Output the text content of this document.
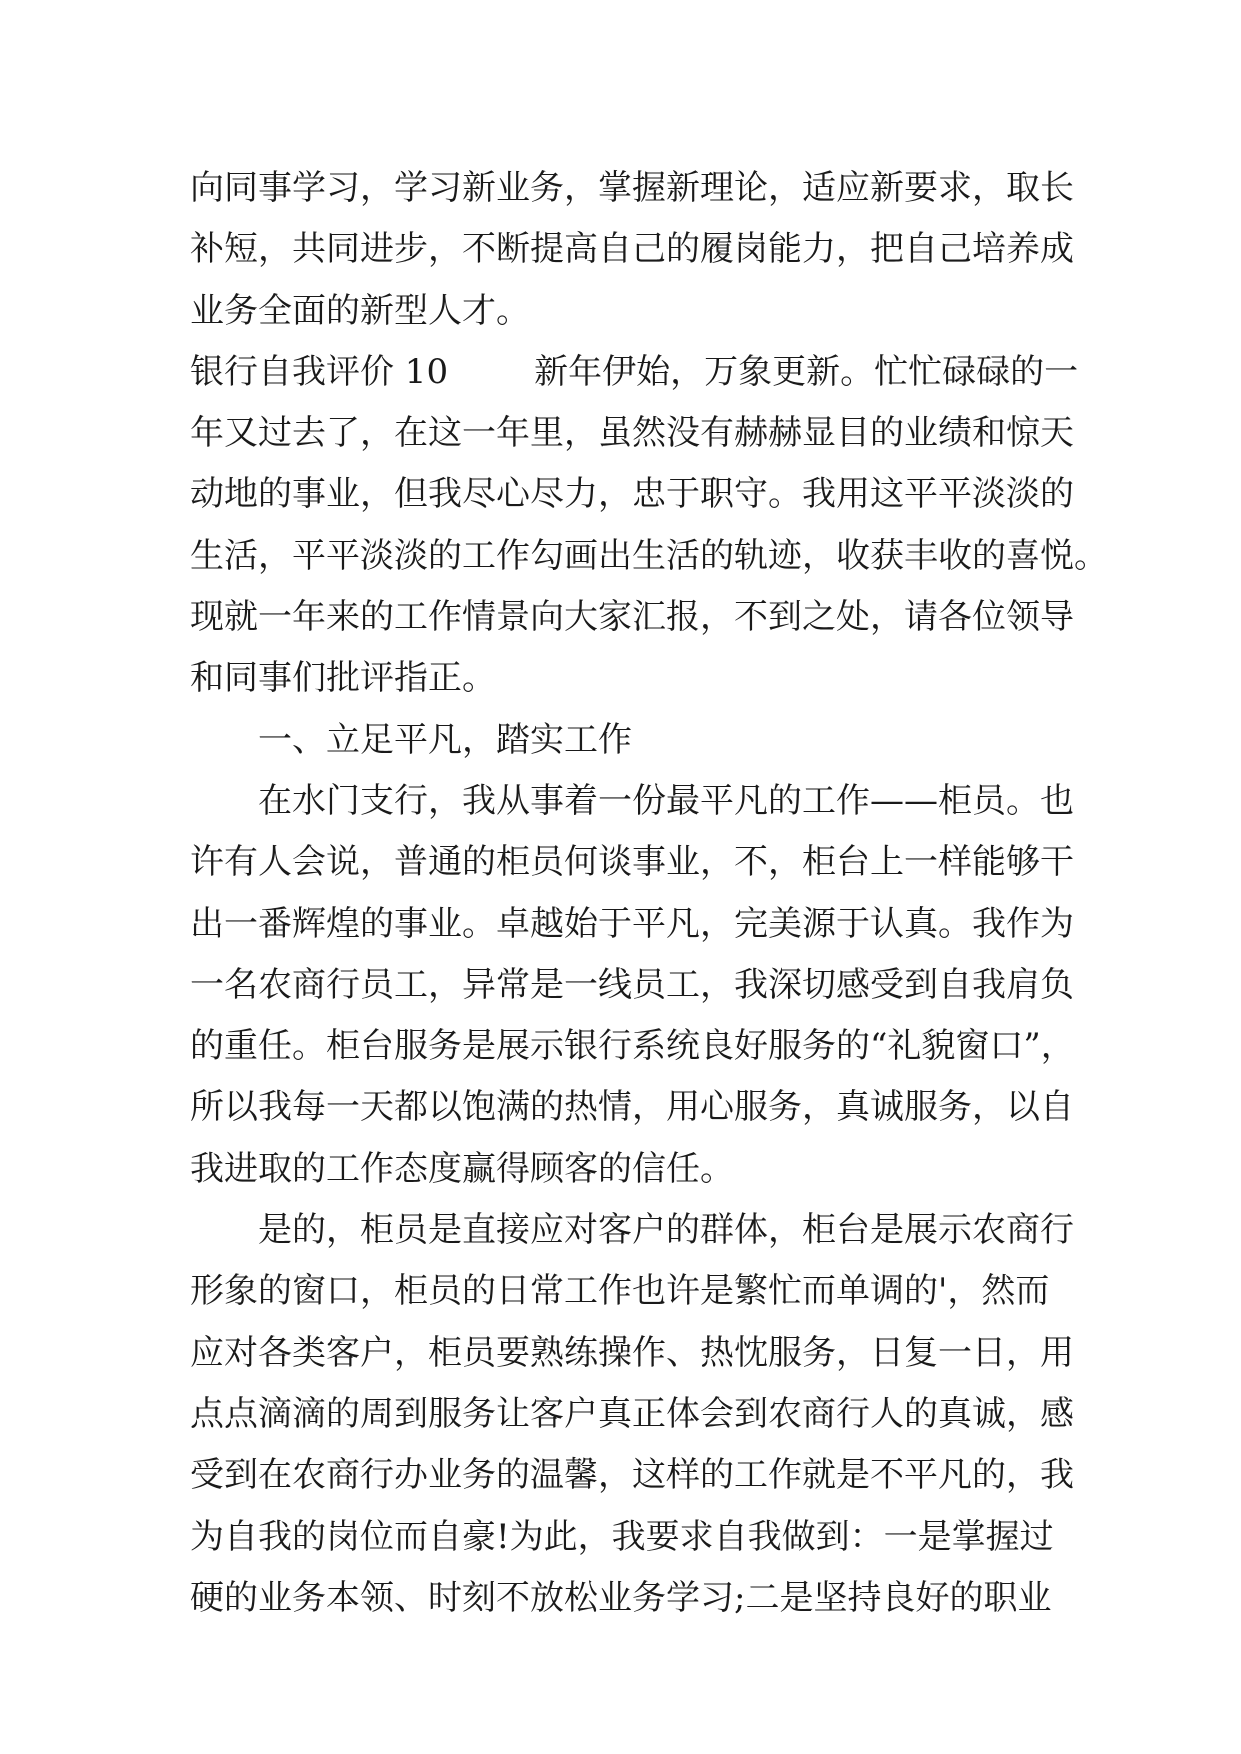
向同事学习，学习新业务，掌握新理论，适应新要求，取长
补短，共同进步，不断提高自己的履岗能力，把自己培养成
业务全面的新型人才。
银行自我评价 10	新年伊始，万象更新。忙忙碌碌的一
年又过去了，在这一年里，虽然没有赫赫显目的业绩和惊天
动地的事业，但我尽心尽力，忠于职守。我用这平平淡淡的
生活，平平淡淡的工作勾画出生活的轨迹，收获丰收的喜悦。
现就一年来的工作情景向大家汇报，不到之处，请各位领导
和同事们批评指正。
一、立足平凡，踏实工作
在水门支行，我从事着一份最平凡的工作——柜员。也
许有人会说，普通的柜员何谈事业，不，柜台上一样能够干
出一番辉煌的事业。卓越始于平凡，完美源于认真。我作为
一名农商行员工，异常是一线员工，我深切感受到自我肩负
的重任。柜台服务是展示银行系统良好服务的“礼貌窗口”，
所以我每一天都以饱满的热情，用心服务，真诚服务，以自
我进取的工作态度赢得顾客的信任。
是的，柜员是直接应对客户的群体，柜台是展示农商行
形象的窗口，柜员的日常工作也许是繁忙而单调的'，然而
应对各类客户，柜员要熟练操作、热忱服务，日复一日，用
点点滴滴的周到服务让客户真正体会到农商行人的真诚，感
受到在农商行办业务的温馨，这样的工作就是不平凡的，我
为自我的岗位而自豪!为此，我要求自我做到：一是掌握过
硬的业务本领、时刻不放松业务学习;二是坚持良好的职业
